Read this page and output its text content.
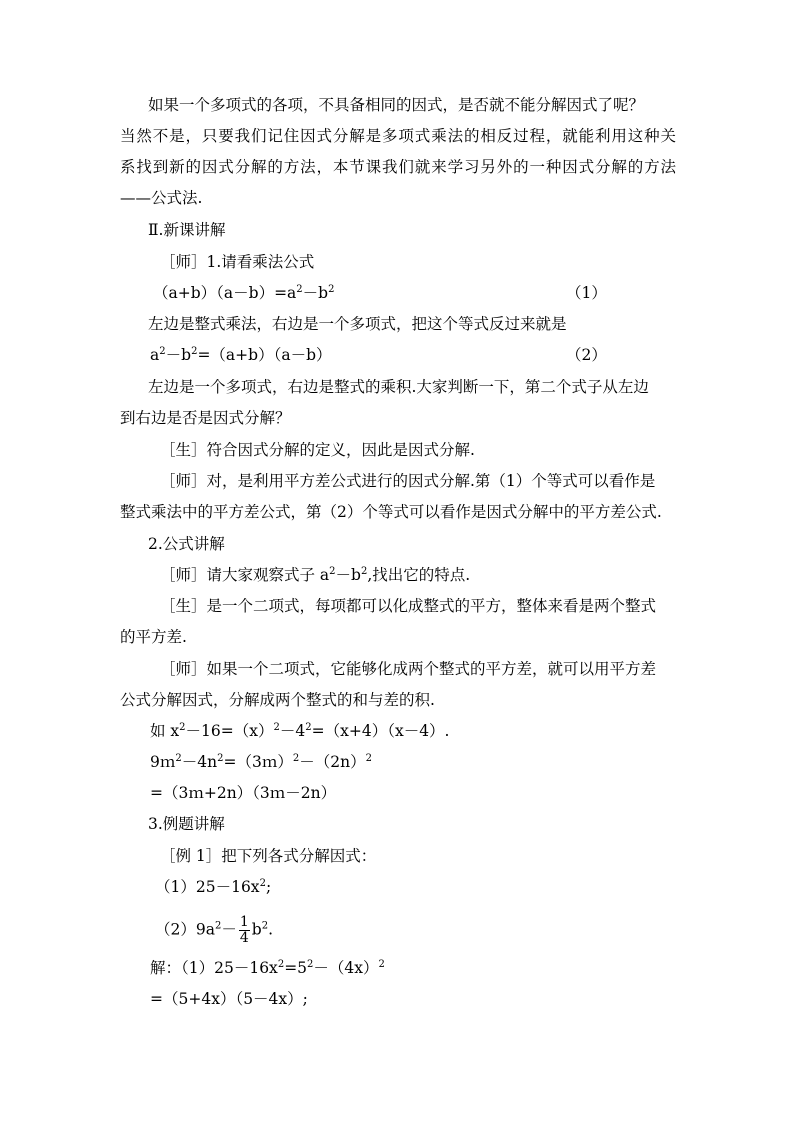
如果一个多项式的各项，不具备相同的因式，是否就不能分解因式了呢？
当然不是，只要我们记住因式分解是多项式乘法的相反过程，就能利用这种关
系找到新的因式分解的方法，本节课我们就来学习另外的一种因式分解的方法
——公式法.
Ⅱ.新课讲解
［师］1.请看乘法公式
$(a+b)(a-b)=a^2-b^2$	（1）
左边是整式乘法，右边是一个多项式，把这个等式反过来就是
$a^2-b^2=(a+b)(a-b)$	（2）
左边是一个多项式，右边是整式的乘积.大家判断一下，第二个式子从左边
到右边是否是因式分解？
［生］符合因式分解的定义，因此是因式分解.
［师］对，是利用平方差公式进行的因式分解.第（1）个等式可以看作是
整式乘法中的平方差公式，第（2）个等式可以看作是因式分解中的平方差公式.
2.公式讲解
［师］请大家观察式子 $a^2-b^2$,找出它的特点.
［生］是一个二项式，每项都可以化成整式的平方，整体来看是两个整式
的平方差.
［师］如果一个二项式，它能够化成两个整式的平方差，就可以用平方差
公式分解因式，分解成两个整式的和与差的积.
如 $x^2-16=(x)^2-4^2=(x+4)(x-4)$.
$9m^2-4n^2=(3m)^2-(2n)^2$
=（3ｍ+2n）（3ｍ－2n）
3.例题讲解
［例 1］把下列各式分解因式：
$(1)25-16x^2$;
$(2)9a^2- \frac{1}{4} b^2$.
解：$(1)25-16x^2=5^2-(4x)^2$
=（5+4x）（5－4x）;
